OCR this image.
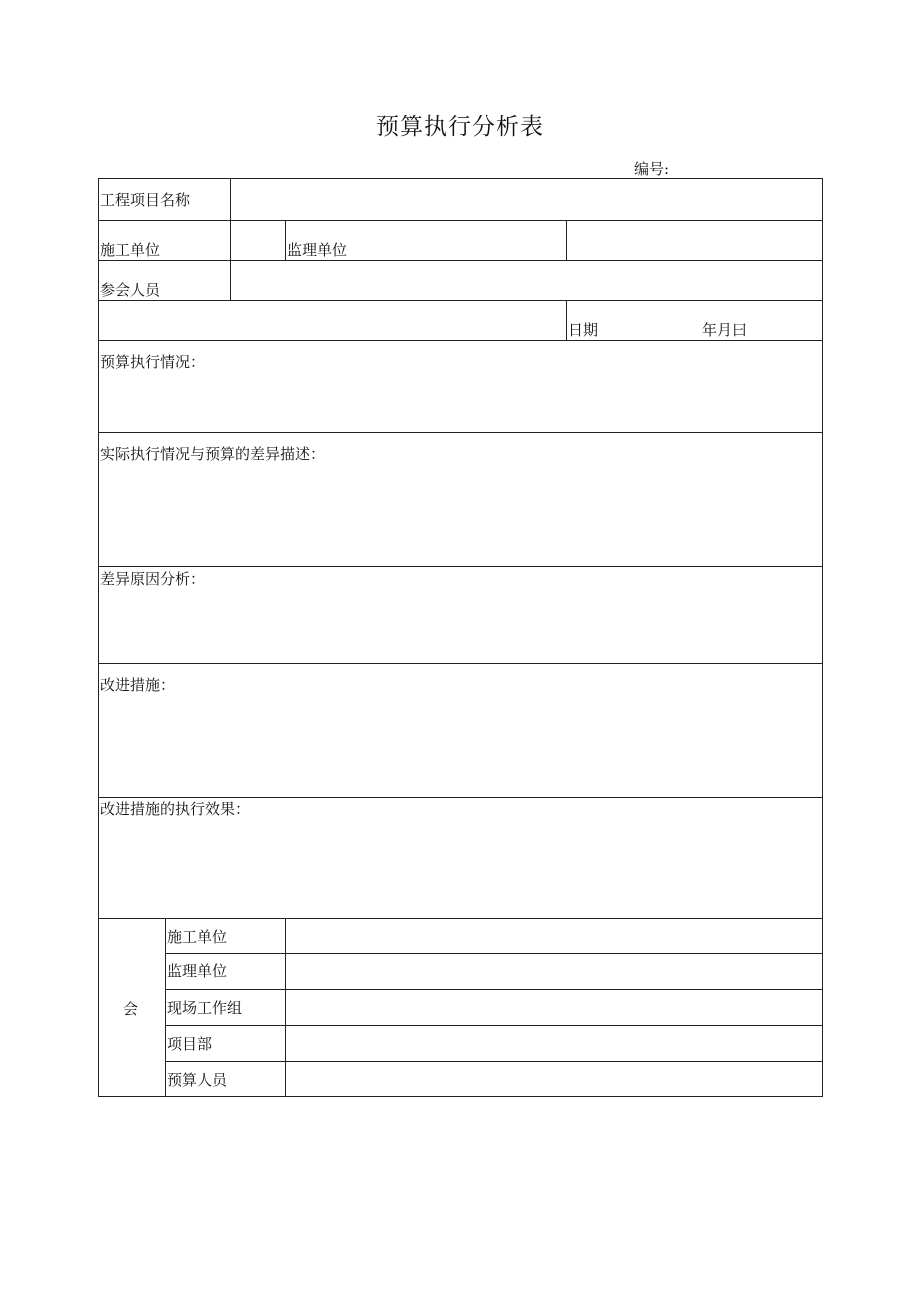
预算执行分析表
编号:
工程项目名称
施工单位	监理单位
参会人员
日期	年月曰
预算执行情况：
实际执行情况与预算的差异描述：
差异原因分析：
改进措施：
改进措施的执行效果：
会
施工单位
监理单位
现场工作组
项目部
预算人员
